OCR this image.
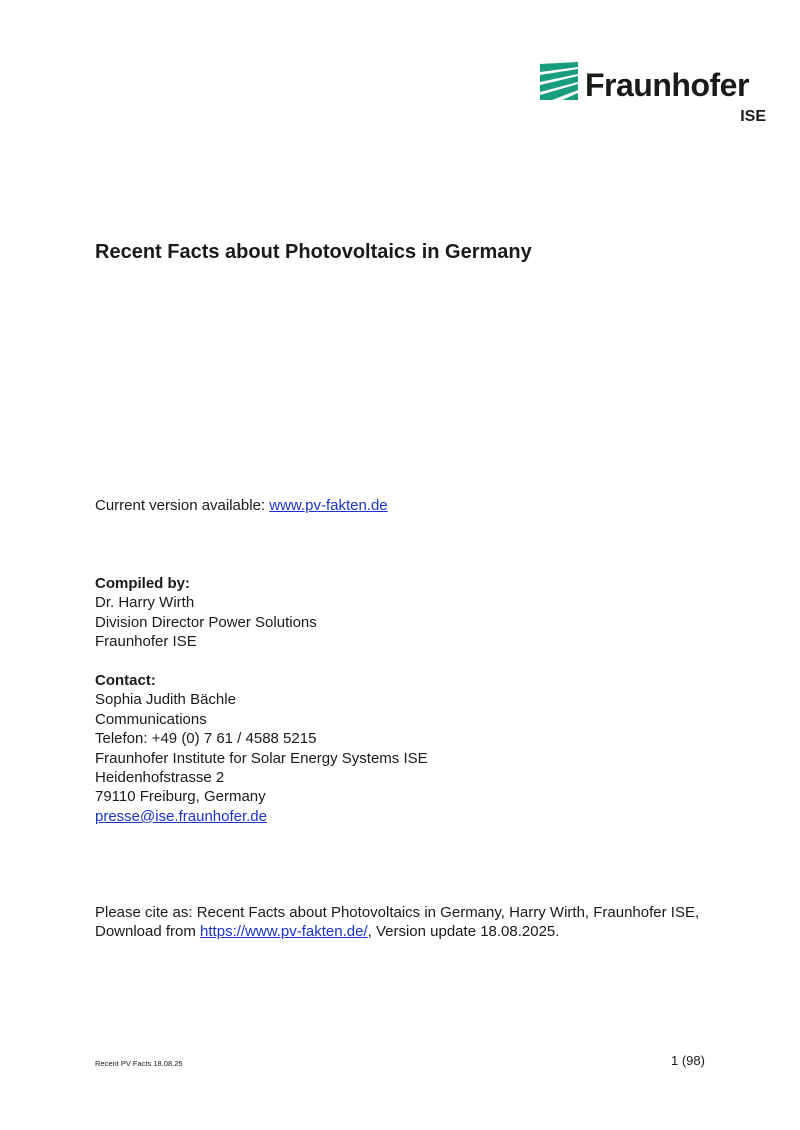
Fraunhofer
ISE
Recent Facts about Photovoltaics in Germany

Current version available: www.pv-fakten.de

Compiled by:
Dr. Harry Wirth
Division Director Power Solutions
Fraunhofer ISE

Contact:
Sophia Judith Bächle
Communications
Telefon: +49 (0) 7 61 / 4588 5215
Fraunhofer Institute for Solar Energy Systems ISE
Heidenhofstrasse 2
79110 Freiburg, Germany
presse@ise.fraunhofer.de

Please cite as: Recent Facts about Photovoltaics in Germany, Harry Wirth, Fraunhofer ISE,
Download from https://www.pv-fakten.de/, Version update 18.08.2025.

Recent PV Facts 18.08.25	1 (98)
